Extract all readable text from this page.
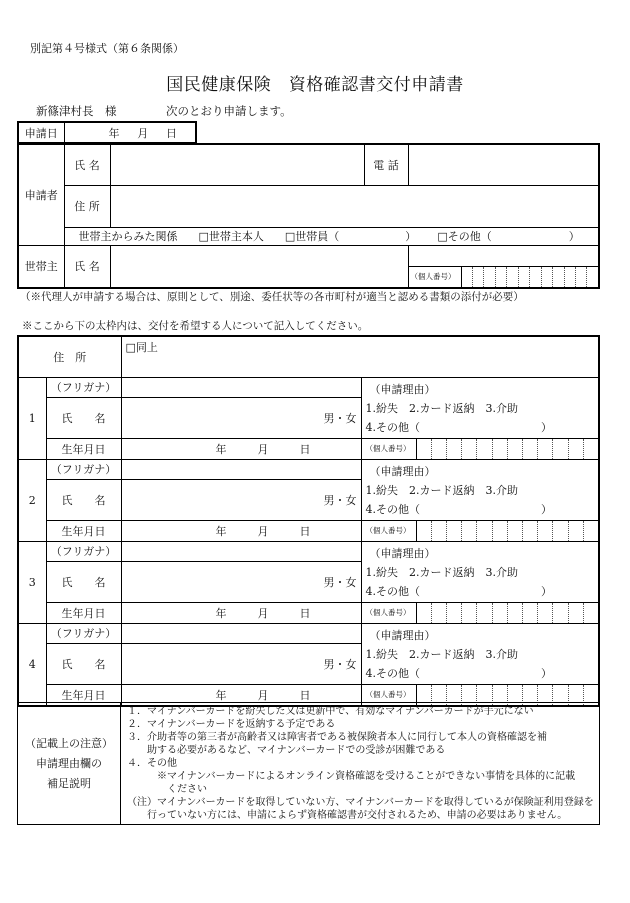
別記第４号様式（第６条関係）
国民健康保険　資格確認書交付申請書
新篠津村長　様	次のとおり申請します。
申請日	年 月 日
申請者	氏 名		電 話	
	住 所			
	世帯主からみた関係 □世帯主本人 □世帯員（　　　　　　） □その他（　　　　　　　）			
世帯主	氏 名			（個人番号）
（※代理人が申請する場合は、原則として、別途、委任状等の各市町村が適当と認める書類の添付が必要）
※ここから下の太枠内は、交付を希望する人について記入してください。
住　所		□同上	
1	（フリガナ）		（申請理由）
1.紛失　2.カード返納　3.介助
4.その他（　　　　　　　　　　　）

	氏　　名	男・女	
	生年月日	年 月 日	（個人番号）

2	（フリガナ）		（申請理由）
1.紛失　2.カード返納　3.介助
4.その他（　　　　　　　　　　　）

	氏　　名	男・女	
	生年月日	年 月 日	（個人番号）

3	（フリガナ）		（申請理由）
1.紛失　2.カード返納　3.介助
4.その他（　　　　　　　　　　　）

	氏　　名	男・女	
	生年月日	年 月 日	（個人番号）

4	（フリガナ）		（申請理由）
1.紛失　2.カード返納　3.介助
4.その他（　　　　　　　　　　　）

	氏　　名	男・女	
	生年月日	年 月 日	（個人番号）
（記載上の注意）
申請理由欄の
補足説明

１．マイナンバーカードを紛失した又は更新中で、有効なマイナンバーカードが手元にない
２．マイナンバーカードを返納する予定である
３．介助者等の第三者が高齢者又は障害者である被保険者本人に同行して本人の資格確認を補
　　助する必要があるなど、マイナンバーカードでの受診が困難である
４．その他
　　　※マイナンバーカードによるオンライン資格確認を受けることができない事情を具体的に記載
　　　　ください
（注）マイナンバーカードを取得していない方、マイナンバーカードを取得しているが保険証利用登録を
　　行っていない方には、申請によらず資格確認書が交付されるため、申請の必要はありません。
